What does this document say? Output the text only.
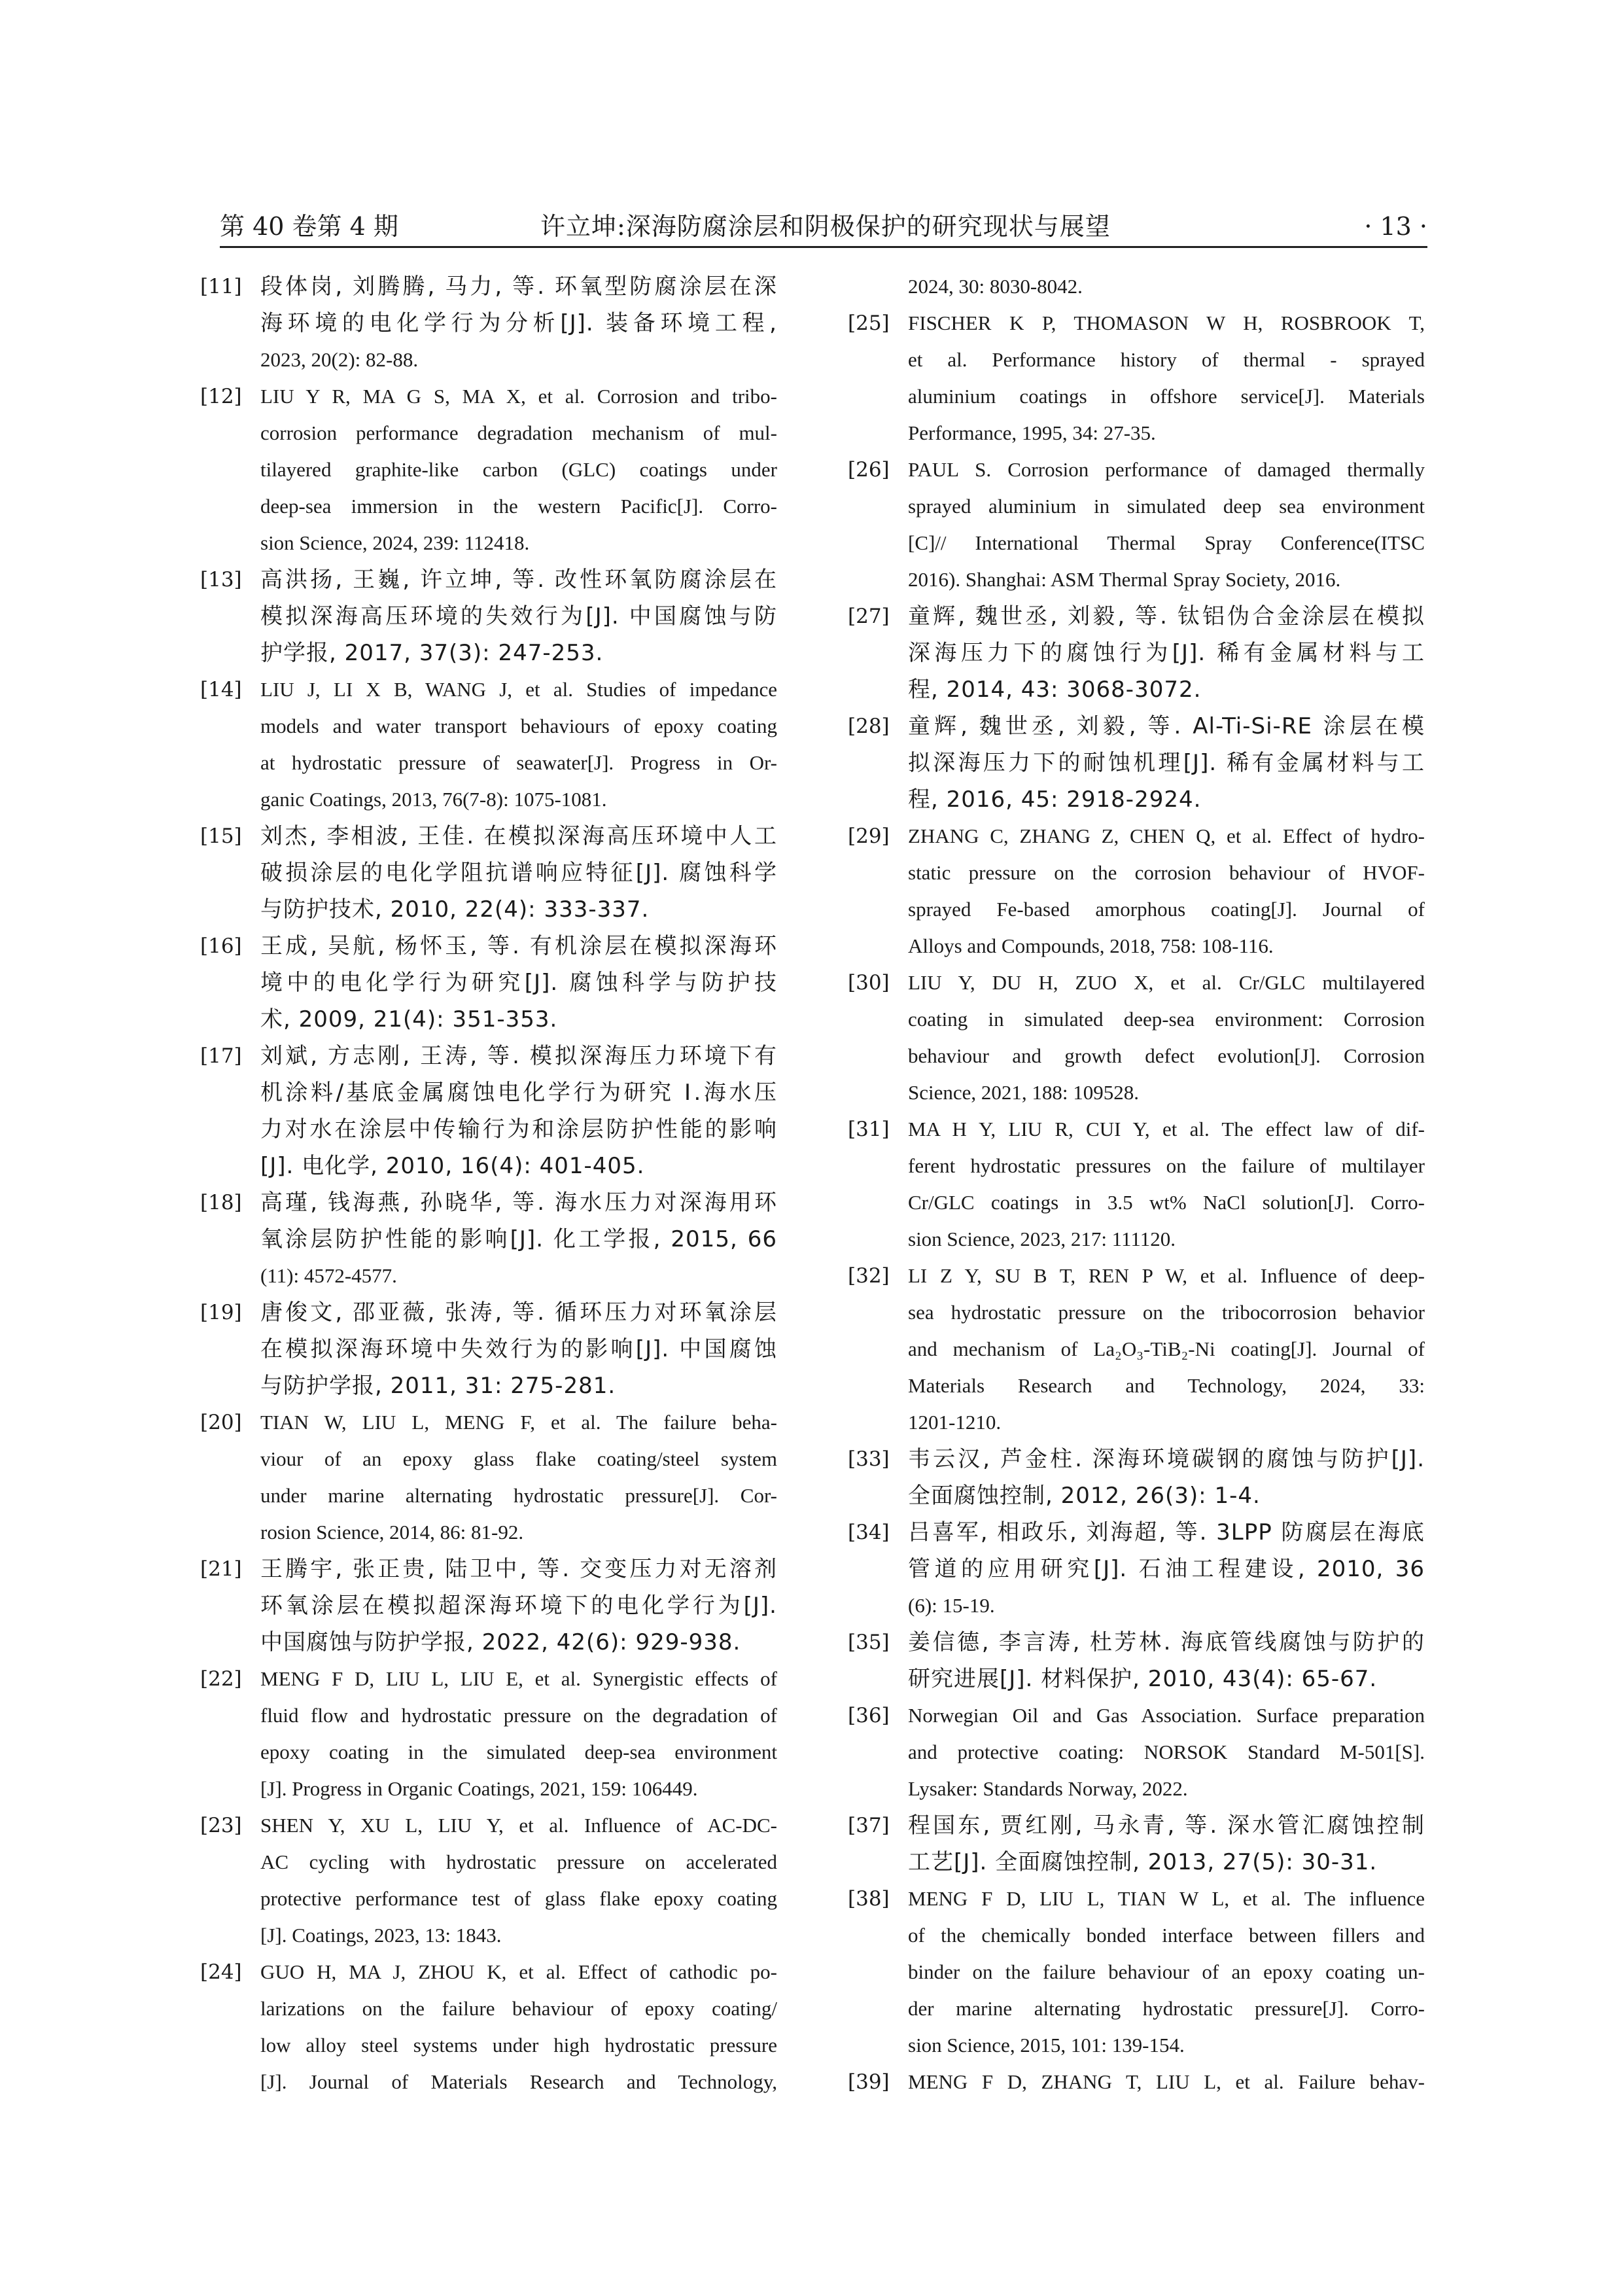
第 40 卷第 4 期	许立坤:深海防腐涂层和阴极保护的研究现状与展望	· 13 ·
[11] 段体岗, 刘腾腾, 马力, 等. 环氧型防腐涂层在深
海环境的电化学行为分析[J]. 装备环境工程,
2023, 20(2): 82-88.
[12] LIU Y R, MA G S, MA X, et al. Corrosion and tribo-
corrosion performance degradation mechanism of mul-
tilayered graphite-like carbon (GLC) coatings under
deep-sea immersion in the western Pacific[J]. Corro-
sion Science, 2024, 239: 112418.
[13] 高洪扬, 王巍, 许立坤, 等. 改性环氧防腐涂层在
模拟深海高压环境的失效行为[J]. 中国腐蚀与防
护学报, 2017, 37(3): 247-253.
[14] LIU J, LI X B, WANG J, et al. Studies of impedance
models and water transport behaviours of epoxy coating
at hydrostatic pressure of seawater[J]. Progress in Or-
ganic Coatings, 2013, 76(7-8): 1075-1081.
[15] 刘杰, 李相波, 王佳. 在模拟深海高压环境中人工
破损涂层的电化学阻抗谱响应特征[J]. 腐蚀科学
与防护技术, 2010, 22(4): 333-337.
[16] 王成, 吴航, 杨怀玉, 等. 有机涂层在模拟深海环
境中的电化学行为研究[J]. 腐蚀科学与防护技
术, 2009, 21(4): 351-353.
[17] 刘斌, 方志刚, 王涛, 等. 模拟深海压力环境下有
机涂料/基底金属腐蚀电化学行为研究 Ⅰ.海水压
力对水在涂层中传输行为和涂层防护性能的影响
[J]. 电化学, 2010, 16(4): 401-405.
[18] 高瑾, 钱海燕, 孙晓华, 等. 海水压力对深海用环
氧涂层防护性能的影响[J]. 化工学报, 2015, 66
(11): 4572-4577.
[19] 唐俊文, 邵亚薇, 张涛, 等. 循环压力对环氧涂层
在模拟深海环境中失效行为的影响[J]. 中国腐蚀
与防护学报, 2011, 31: 275-281.
[20] TIAN W, LIU L, MENG F, et al. The failure beha-
viour of an epoxy glass flake coating/steel system
under marine alternating hydrostatic pressure[J]. Cor-
rosion Science, 2014, 86: 81-92.
[21] 王腾宇, 张正贵, 陆卫中, 等. 交变压力对无溶剂
环氧涂层在模拟超深海环境下的电化学行为[J].
中国腐蚀与防护学报, 2022, 42(6): 929-938.
[22] MENG F D, LIU L, LIU E, et al. Synergistic effects of
fluid flow and hydrostatic pressure on the degradation of
epoxy coating in the simulated deep-sea environment
[J]. Progress in Organic Coatings, 2021, 159: 106449.
[23] SHEN Y, XU L, LIU Y, et al. Influence of AC-DC-
AC cycling with hydrostatic pressure on accelerated
protective performance test of glass flake epoxy coating
[J]. Coatings, 2023, 13: 1843.
[24] GUO H, MA J, ZHOU K, et al. Effect of cathodic po-
larizations on the failure behaviour of epoxy coating/
low alloy steel systems under high hydrostatic pressure
[J]. Journal of Materials Research and Technology,
2024, 30: 8030-8042.
[25] FISCHER K P, THOMASON W H, ROSBROOK T,
et al. Performance history of thermal - sprayed
aluminium coatings in offshore service[J]. Materials
Performance, 1995, 34: 27-35.
[26] PAUL S. Corrosion performance of damaged thermally
sprayed aluminium in simulated deep sea environment
[C]// International Thermal Spray Conference(ITSC
2016). Shanghai: ASM Thermal Spray Society, 2016.
[27] 童辉, 魏世丞, 刘毅, 等. 钛铝伪合金涂层在模拟
深海压力下的腐蚀行为[J]. 稀有金属材料与工
程, 2014, 43: 3068-3072.
[28] 童辉, 魏世丞, 刘毅, 等. Al-Ti-Si-RE 涂层在模
拟深海压力下的耐蚀机理[J]. 稀有金属材料与工
程, 2016, 45: 2918-2924.
[29] ZHANG C, ZHANG Z, CHEN Q, et al. Effect of hydro-
static pressure on the corrosion behaviour of HVOF-
sprayed Fe-based amorphous coating[J]. Journal of
Alloys and Compounds, 2018, 758: 108-116.
[30] LIU Y, DU H, ZUO X, et al. Cr/GLC multilayered
coating in simulated deep-sea environment: Corrosion
behaviour and growth defect evolution[J]. Corrosion
Science, 2021, 188: 109528.
[31] MA H Y, LIU R, CUI Y, et al. The effect law of dif-
ferent hydrostatic pressures on the failure of multilayer
Cr/GLC coatings in 3.5 wt% NaCl solution[J]. Corro-
sion Science, 2023, 217: 111120.
[32] LI Z Y, SU B T, REN P W, et al. Influence of deep-
sea hydrostatic pressure on the tribocorrosion behavior
and mechanism of La₂O₃-TiB₂-Ni coating[J]. Journal of
Materials Research and Technology, 2024, 33:
1201-1210.
[33] 韦云汉, 芦金柱. 深海环境碳钢的腐蚀与防护[J].
全面腐蚀控制, 2012, 26(3): 1-4.
[34] 吕喜军, 相政乐, 刘海超, 等. 3LPP 防腐层在海底
管道的应用研究[J]. 石油工程建设, 2010, 36
(6): 15-19.
[35] 姜信德, 李言涛, 杜芳林. 海底管线腐蚀与防护的
研究进展[J]. 材料保护, 2010, 43(4): 65-67.
[36] Norwegian Oil and Gas Association. Surface preparation
and protective coating: NORSOK Standard M-501[S].
Lysaker: Standards Norway, 2022.
[37] 程国东, 贾红刚, 马永青, 等. 深水管汇腐蚀控制
工艺[J]. 全面腐蚀控制, 2013, 27(5): 30-31.
[38] MENG F D, LIU L, TIAN W L, et al. The influence
of the chemically bonded interface between fillers and
binder on the failure behaviour of an epoxy coating un-
der marine alternating hydrostatic pressure[J]. Corro-
sion Science, 2015, 101: 139-154.
[39] MENG F D, ZHANG T, LIU L, et al. Failure behav-
